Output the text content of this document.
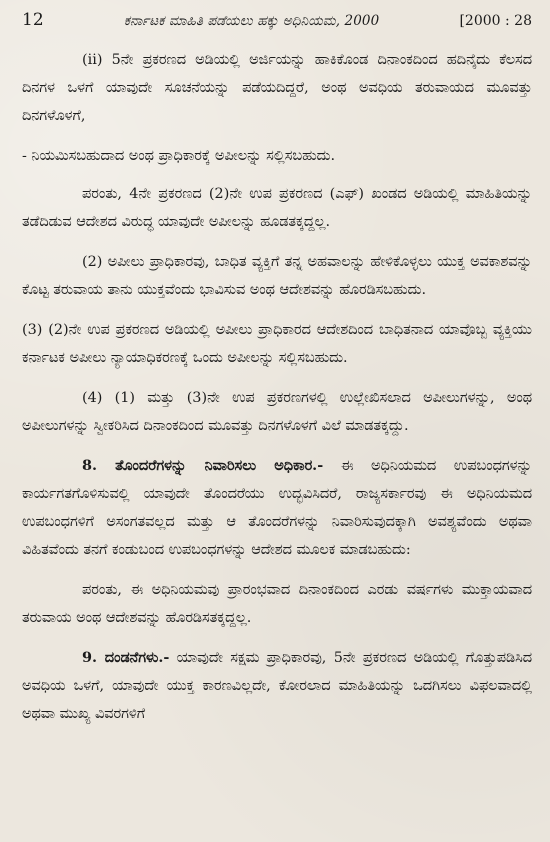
12	ಕರ್ನಾಟಕ ಮಾಹಿತಿ ಪಡೆಯಲು ಹಕ್ಕು ಅಧಿನಿಯಮ, 2000	[2000 : 28

(ii) 5ನೇ ಪ್ರಕರಣದ ಅಡಿಯಲ್ಲಿ ಅರ್ಜಿಯನ್ನು ಹಾಕಿಕೊಂಡ ದಿನಾಂಕದಿಂದ ಹದಿನೈದು ಕೆಲಸದ ದಿನಗಳ ಒಳಗೆ ಯಾವುದೇ ಸೂಚನೆಯನ್ನು ಪಡೆಯದಿದ್ದರೆ, ಅಂಥ ಅವಧಿಯ ತರುವಾಯದ ಮೂವತ್ತು ದಿನಗಳೊಳಗೆ,

- ನಿಯಮಿಸಬಹುದಾದ ಅಂಥ ಪ್ರಾಧಿಕಾರಕ್ಕೆ ಅಪೀಲನ್ನು ಸಲ್ಲಿಸಬಹುದು.

ಪರಂತು, 4ನೇ ಪ್ರಕರಣದ (2)ನೇ ಉಪ ಪ್ರಕರಣದ (ಎಫ್) ಖಂಡದ ಅಡಿಯಲ್ಲಿ ಮಾಹಿತಿಯನ್ನು ತಡೆದಿಡುವ ಆದೇಶದ ವಿರುದ್ಧ ಯಾವುದೇ ಅಪೀಲನ್ನು ಹೂಡತಕ್ಕದ್ದಲ್ಲ.

(2) ಅಪೀಲು ಪ್ರಾಧಿಕಾರವು, ಬಾಧಿತ ವ್ಯಕ್ತಿಗೆ ತನ್ನ ಅಹವಾಲನ್ನು ಹೇಳಿಕೊಳ್ಳಲು ಯುಕ್ತ ಅವಕಾಶವನ್ನು ಕೊಟ್ಟ ತರುವಾಯ ತಾನು ಯುಕ್ತವೆಂದು ಭಾವಿಸುವ ಅಂಥ ಆದೇಶವನ್ನು ಹೊರಡಿಸಬಹುದು.

(3) (2)ನೇ ಉಪ ಪ್ರಕರಣದ ಅಡಿಯಲ್ಲಿ ಅಪೀಲು ಪ್ರಾಧಿಕಾರದ ಆದೇಶದಿಂದ ಬಾಧಿತನಾದ ಯಾವೊಬ್ಬ ವ್ಯಕ್ತಿಯು ಕರ್ನಾಟಕ ಅಪೀಲು ನ್ಯಾಯಾಧಿಕರಣಕ್ಕೆ ಒಂದು ಅಪೀಲನ್ನು ಸಲ್ಲಿಸಬಹುದು.

(4) (1) ಮತ್ತು (3)ನೇ ಉಪ ಪ್ರಕರಣಗಳಲ್ಲಿ ಉಲ್ಲೇಖಿಸಲಾದ ಅಪೀಲುಗಳನ್ನು, ಅಂಥ ಅಪೀಲುಗಳನ್ನು ಸ್ವೀಕರಿಸಿದ ದಿನಾಂಕದಿಂದ ಮೂವತ್ತು ದಿನಗಳೊಳಗೆ ವಿಲೆ ಮಾಡತಕ್ಕದ್ದು.

8. ತೊಂದರೆಗಳನ್ನು ನಿವಾರಿಸಲು ಅಧಿಕಾರ.- ಈ ಅಧಿನಿಯಮದ ಉಪಬಂಧಗಳನ್ನು ಕಾರ್ಯಗತಗೊಳಿಸುವಲ್ಲಿ ಯಾವುದೇ ತೊಂದರೆಯು ಉದ್ಭವಿಸಿದರೆ, ರಾಜ್ಯಸರ್ಕಾರವು ಈ ಅಧಿನಿಯಮದ ಉಪಬಂಧಗಳಿಗೆ ಅಸಂಗತವಲ್ಲದ ಮತ್ತು ಆ ತೊಂದರೆಗಳನ್ನು ನಿವಾರಿಸುವುದಕ್ಕಾಗಿ ಅವಶ್ಯವೆಂದು ಅಥವಾ ವಿಹಿತವೆಂದು ತನಗೆ ಕಂಡುಬಂದ ಉಪಬಂಧಗಳನ್ನು ಆದೇಶದ ಮೂಲಕ ಮಾಡಬಹುದು:

ಪರಂತು, ಈ ಅಧಿನಿಯಮವು ಪ್ರಾರಂಭವಾದ ದಿನಾಂಕದಿಂದ ಎರಡು ವರ್ಷಗಳು ಮುಕ್ತಾಯವಾದ ತರುವಾಯ ಅಂಥ ಆದೇಶವನ್ನು ಹೊರಡಿಸತಕ್ಕದ್ದಲ್ಲ.

9. ದಂಡನೆಗಳು.- ಯಾವುದೇ ಸಕ್ಷಮ ಪ್ರಾಧಿಕಾರವು, 5ನೇ ಪ್ರಕರಣದ ಅಡಿಯಲ್ಲಿ ಗೊತ್ತುಪಡಿಸಿದ ಅವಧಿಯ ಒಳಗೆ, ಯಾವುದೇ ಯುಕ್ತ ಕಾರಣವಿಲ್ಲದೇ, ಕೋರಲಾದ ಮಾಹಿತಿಯನ್ನು ಒದಗಿಸಲು ವಿಫಲವಾದಲ್ಲಿ ಅಥವಾ ಮುಖ್ಯ ವಿವರಗಳಿಗೆ
